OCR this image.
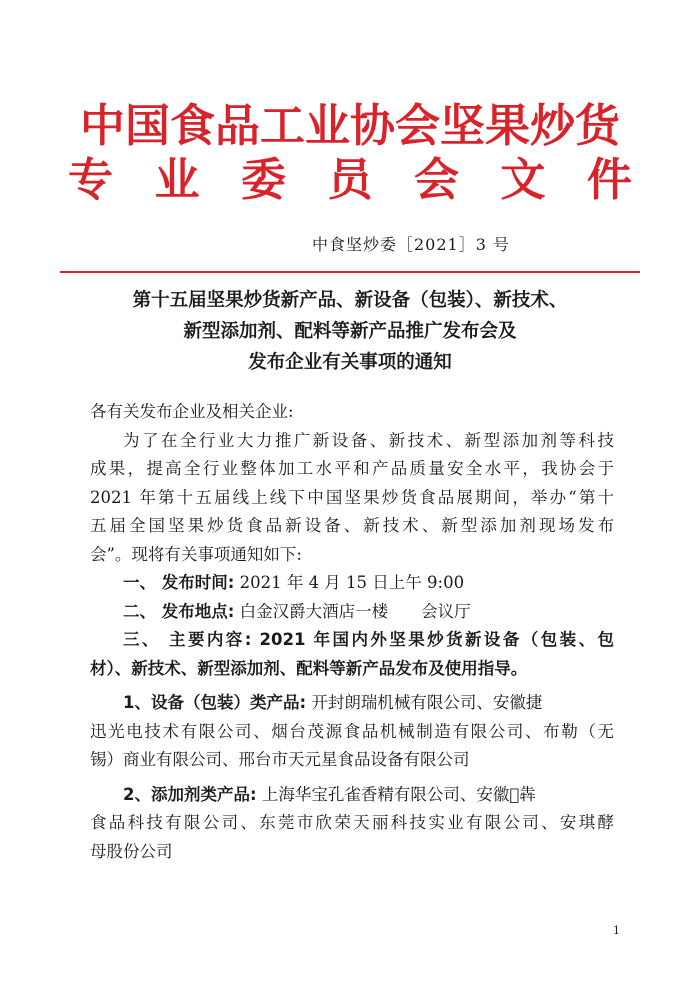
中国食品工业协会坚果炒货
专 业 委 员 会 文 件
中食坚炒委［2021］3 号
第十五届坚果炒货新产品、新设备（包装）、新技术、
新型添加剂、配料等新产品推广发布会及
发布企业有关事项的通知
各有关发布企业及相关企业:
为了在全行业大力推广新设备、新技术、新型添加剂等科技
成果，提高全行业整体加工水平和产品质量安全水平，我协会于
2021 年第十五届线上线下中国坚果炒货食品展期间，举办“第十
五届全国坚果炒货食品新设备、新技术、新型添加剂现场发布
会”。现将有关事项通知如下:
一、 发布时间: 2021 年 4 月 15 日上午 9:00
二、 发布地点: 白金汉爵大酒店一楼　　会议厅
三、 主要内容: 2021 年国内外坚果炒货新设备（包装、包
材）、新技术、新型添加剂、配料等新产品发布及使用指导。
1、设备（包装）类产品: 开封朗瑞机械有限公司、安徽捷
迅光电技术有限公司、烟台茂源食品机械制造有限公司、布勒（无
锡）商业有限公司、邢台市天元星食品设备有限公司
2、添加剂类产品: 上海华宝孔雀香精有限公司、安徽𩡖犇
食品科技有限公司、东莞市欣荣天丽科技实业有限公司、安琪酵
母股份公司
1
